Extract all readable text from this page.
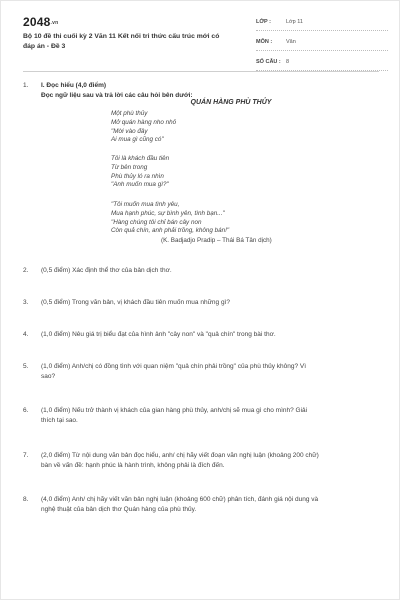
2048.vn
Bộ 10 đề thi cuối kỳ 2 Văn 11 Kết nối tri thức cấu trúc mới có đáp án - Đề 3
LỚP :	Lớp 11
MÔN :	Văn
SỐ CÂU : 8
1.	I. Đọc hiểu (4,0 điểm)
Đọc ngữ liệu sau và trả lời các câu hỏi bên dưới:
QUÁN HÀNG PHÙ THỦY
Một phù thủy
Mở quán hàng nho nhỏ
"Mời vào đây
Ai mua gì cũng có"
Tôi là khách đầu tiên
Từ bên trong
Phù thủy ló ra nhìn
"Anh muốn mua gì?"
"Tôi muốn mua tình yêu,
Mua hạnh phúc, sự bình yên, tình bạn..."
"Hàng chúng tôi chỉ bán cây non
Còn quả chín, anh phải trồng, không bán!"
(K. Badjadjo Pradip – Thái Bá Tân dịch)
2.	(0,5 điểm) Xác định thể thơ của bản dịch thơ.
3.	(0,5 điểm) Trong văn bản, vị khách đầu tiên muốn mua những gì?
4.	(1,0 điểm) Nêu giá trị biểu đạt của hình ảnh "cây non" và "quả chín" trong bài thơ.
5.	(1,0 điểm) Anh/chị có đồng tình với quan niệm "quả chín phải trồng" của phù thủy không? Vì
sao?
6.	(1,0 điểm) Nếu trở thành vị khách của gian hàng phù thủy, anh/chị sẽ mua gì cho mình? Giải
thích tại sao.
7.	(2,0 điểm) Từ nội dung văn bản đọc hiểu, anh/ chị hãy viết đoạn văn nghị luận (khoảng 200 chữ)
bàn về vấn đề: hạnh phúc là hành trình, không phải là đích đến.
8.	(4,0 điểm) Anh/ chị hãy viết văn bản nghị luận (khoảng 600 chữ) phân tích, đánh giá nội dung và
nghệ thuật của bản dịch thơ Quán hàng của phù thủy.
